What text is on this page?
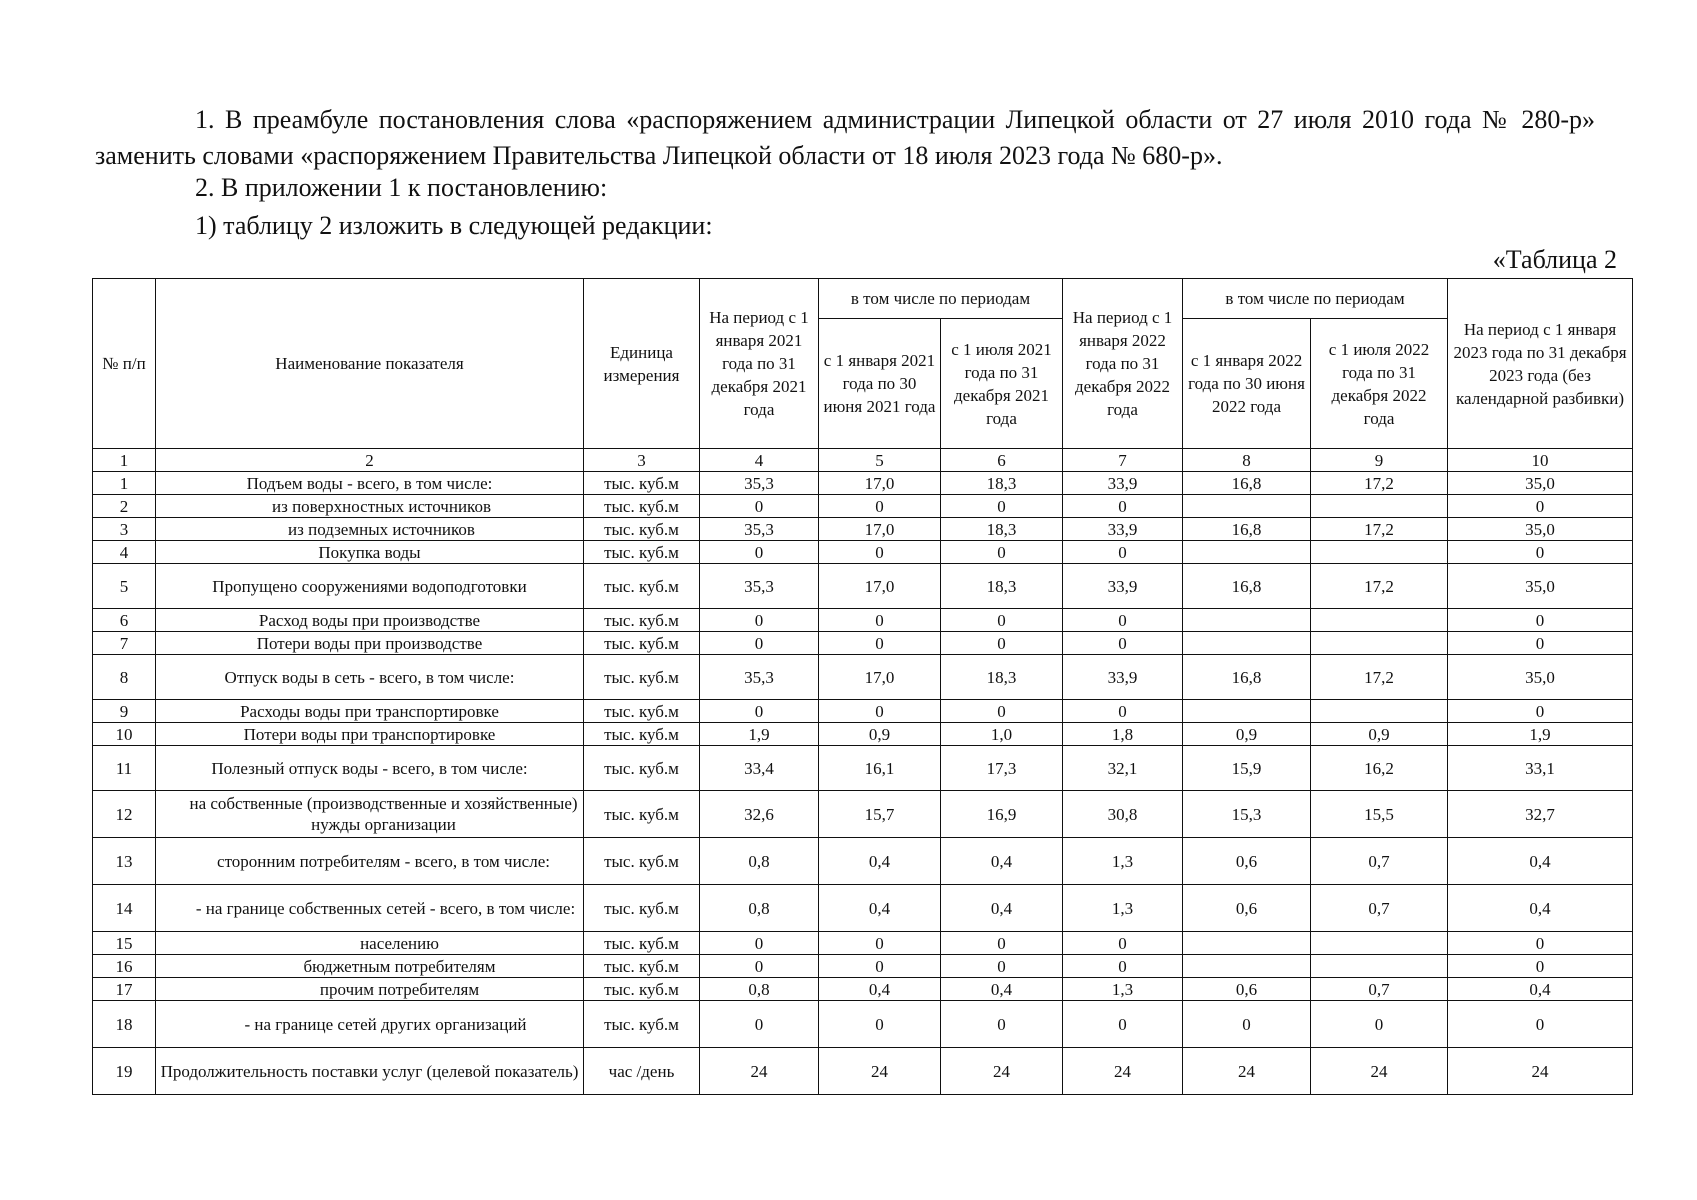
1. В преамбуле постановления слова «распоряжением администрации Липецкой области от 27 июля 2010 года № 280-р» заменить словами «распоряжением Правительства Липецкой области от 18 июля 2023 года № 680-р».

2. В приложении 1 к постановлению:

1) таблицу 2 изложить в следующей редакции:

«Таблица 2
№ п/п	Наименование показателя	Единица измерения	На период с 1 января 2021 года по 31 декабря 2021 года	в том числе по периодам		На период с 1 января 2022 года по 31 декабря 2022 года	в том числе по периодам		На период с 1 января 2023 года по 31 декабря 2023 года (без календарной разбивки)
				с 1 января 2021 года по 30 июня 2021 года	с 1 июля 2021 года по 31 декабря 2021 года		с 1 января 2022 года по 30 июня 2022 года	с 1 июля 2022 года по 31 декабря 2022 года	
1	2	3	4	5	6	7	8	9	10
1	Подъем воды - всего, в том числе:	тыс. куб.м	35,3	17,0	18,3	33,9	16,8	17,2	35,0
2	из поверхностных источников	тыс. куб.м	0	0	0	0			0
3	из подземных источников	тыс. куб.м	35,3	17,0	18,3	33,9	16,8	17,2	35,0
4	Покупка воды	тыс. куб.м	0	0	0	0			0
5	Пропущено сооружениями водоподготовки	тыс. куб.м	35,3	17,0	18,3	33,9	16,8	17,2	35,0
6	Расход воды при производстве	тыс. куб.м	0	0	0	0			0
7	Потери воды при производстве	тыс. куб.м	0	0	0	0			0
8	Отпуск воды в сеть - всего, в том числе:	тыс. куб.м	35,3	17,0	18,3	33,9	16,8	17,2	35,0
9	Расходы воды при транспортировке	тыс. куб.м	0	0	0	0			0
10	Потери воды при транспортировке	тыс. куб.м	1,9	0,9	1,0	1,8	0,9	0,9	1,9
11	Полезный отпуск воды - всего, в том числе:	тыс. куб.м	33,4	16,1	17,3	32,1	15,9	16,2	33,1
12	на собственные (производственные и хозяйственные) нужды организации	тыс. куб.м	32,6	15,7	16,9	30,8	15,3	15,5	32,7
13	сторонним потребителям - всего, в том числе:	тыс. куб.м	0,8	0,4	0,4	1,3	0,6	0,7	0,4
14	- на границе собственных сетей - всего, в том числе:	тыс. куб.м	0,8	0,4	0,4	1,3	0,6	0,7	0,4
15	населению	тыс. куб.м	0	0	0	0			0
16	бюджетным потребителям	тыс. куб.м	0	0	0	0			0
17	прочим потребителям	тыс. куб.м	0,8	0,4	0,4	1,3	0,6	0,7	0,4
18	- на границе сетей других организаций	тыс. куб.м	0	0	0	0	0	0	0
19	Продолжительность поставки услуг (целевой показатель)	час /день	24	24	24	24	24	24	24
